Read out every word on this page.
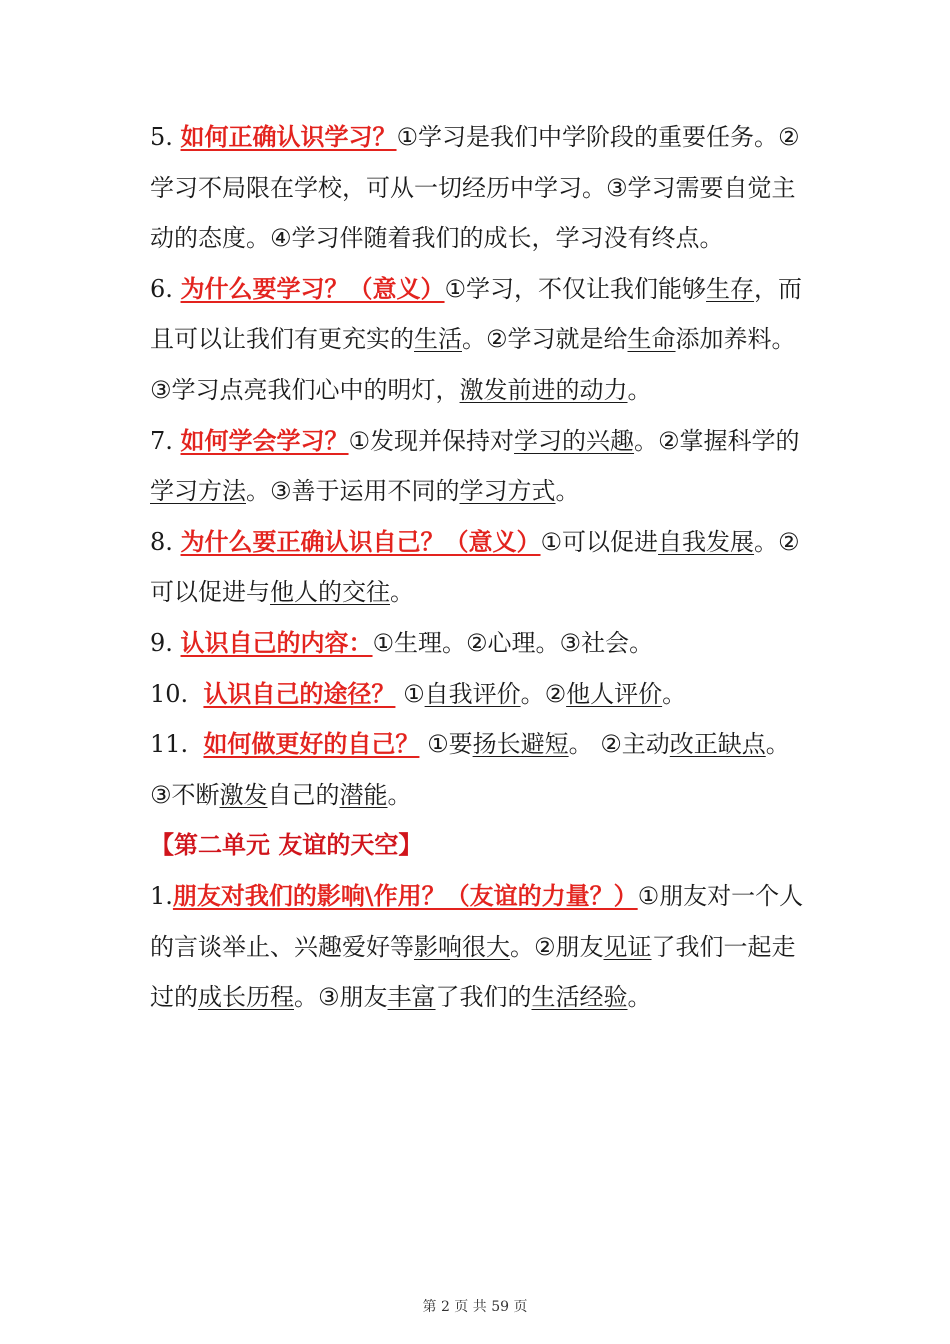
5. 如何正确认识学习？①学习是我们中学阶段的重要任务。②
学习不局限在学校，可从一切经历中学习。③学习需要自觉主
动的态度。④学习伴随着我们的成长，学习没有终点。
6. 为什么要学习？（意义）①学习，不仅让我们能够生存，而
且可以让我们有更充实的生活。②学习就是给生命添加养料。
③学习点亮我们心中的明灯，激发前进的动力。
7. 如何学会学习？①发现并保持对学习的兴趣。②掌握科学的
学习方法。③善于运用不同的学习方式。
8. 为什么要正确认识自己？（意义）①可以促进自我发展。②
可以促进与他人的交往。
9. 认识自己的内容：①生理。②心理。③社会。
10.  认识自己的途径？ ①自我评价。②他人评价。
11.  如何做更好的自己？ ①要扬长避短。 ②主动改正缺点。
③不断激发自己的潜能。
【第二单元 友谊的天空】
1.朋友对我们的影响\作用？（友谊的力量？）①朋友对一个人
的言谈举止、兴趣爱好等影响很大。②朋友见证了我们一起走
过的成长历程。③朋友丰富了我们的生活经验。
第 2 页 共 59 页
